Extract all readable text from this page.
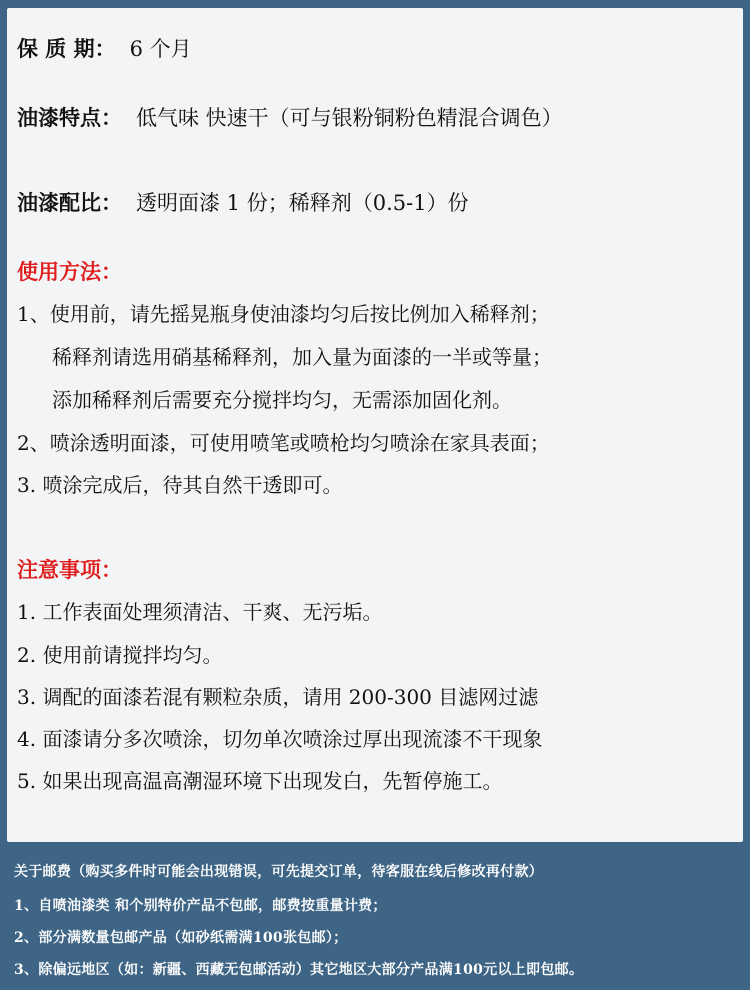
保 质 期： 6 个月
油漆特点： 低气味 快速干（可与银粉铜粉色精混合调色）
油漆配比： 透明面漆 1 份；稀释剂（0.5-1）份
使用方法：
1、使用前，请先摇晃瓶身使油漆均匀后按比例加入稀释剂；
稀释剂请选用硝基稀释剂，加入量为面漆的一半或等量；
添加稀释剂后需要充分搅拌均匀，无需添加固化剂。
2、喷涂透明面漆，可使用喷笔或喷枪均匀喷涂在家具表面；
3. 喷涂完成后，待其自然干透即可。
注意事项：
1. 工作表面处理须清洁、干爽、无污垢。
2. 使用前请搅拌均匀。
3. 调配的面漆若混有颗粒杂质，请用 200-300 目滤网过滤
4. 面漆请分多次喷涂，切勿单次喷涂过厚出现流漆不干现象
5. 如果出现高温高潮湿环境下出现发白，先暂停施工。
关于邮费（购买多件时可能会出现错误，可先提交订单，待客服在线后修改再付款）
1、自喷油漆类 和个别特价产品不包邮，邮费按重量计费；
2、部分满数量包邮产品（如砂纸需满100张包邮）；
3、除偏远地区（如：新疆、西藏无包邮活动）其它地区大部分产品满100元以上即包邮。
